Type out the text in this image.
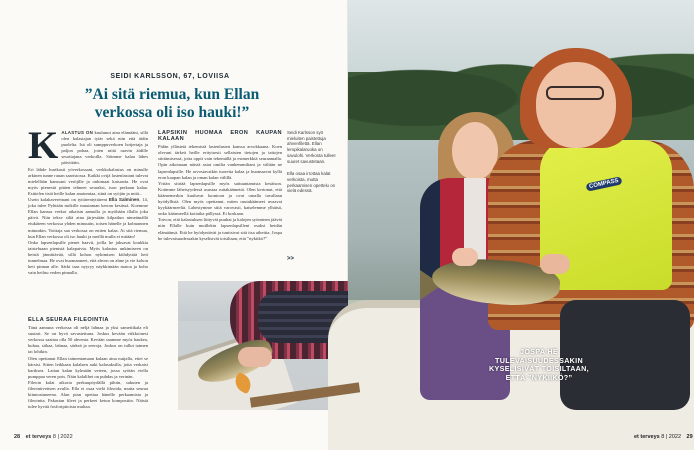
SEIDI KARLSSON, 67, LOVIISA
”Ai sitä riemua, kun Ellan verkossa oli iso hauki!”
K ALASTUS ON kuulunut aina elämääni, sillä olen kalastajan tytär sekä niin että äidin puolelta. Isä oli sumppuverkoen hoijertaja ja paljon pohaa, joten niitä raavin äidille sesottajana verkoilla. Söimme kalaa lähes päivittäin.

Eri lähde hurikasti yöverkossani, verkkokalastus on minulle arkinen tunne rauan saaristossa. Kaikki ovijä lastenlastani tulevat mielellään kanssani veröjille ja onkimaat katsastta. He ovat myös pienestä pitäen tehneet seuraksi, ison perkaan kalaa. Esittelen itsiä heille kalan anatomiaa, siinä on syöjän ja mitä...

Usein kalakavereinani on tyttärentyttäreni Ella Salminen, 14, joka tulee Pyhtään mökille muutaman kerran kesässä. Koemme Ellan kanssa verkot aikaisin aamulla ja myöhään illalla joka päivä. Niin teksv siltä aina järjestään kilpailun nimeämällä etukäteen verkossa yhden minuutin, toisen hänelle ja kolmannen minunkin. Voittaja saa verkossa on eniten kalaa. Ai sitä riemua, kun Ellan verkossa oli iso hauki ja meillä mulla ei mitään!

Onko lapsenlapsille pienet haavit, joilla he jaksavat koukkia taisteluaan pienistä kalapatvta. Myös kalastus unkimiseen on heistä jännittävää, sillä kohon nykimisen kiihdyttää heti tunnelmaa. He ovat huomanneet, että ahven on ahne ja vie kohon heti pinnan alle. Särki taas nyyryy näykkimään matoa ja koho vain heiluu veden pinnalla.

ELLA SEURAA FILEOINTIA

Tänä aamuna verkossa oli neljä lahnaa ja yksi samettikala eli suutari. Se on hyvä savustettuna. Joskus kevään viikkoinesi verkossa saattaa olla 50 ahventa. Kevään saamme myös haukea, kuhaa, siikaa, lahnaa, särkeä ja seeroja. Joskus on tullut taimen tai lohikin.

Olen opettanut Ellan taimentamaan kalaan aina nuijalla, ettei se kärsisi. Sitten leikkaan kalalaen auki kalasaksilla, jotta verkaisi kariksea. Laitan kalan kylmään veteen, jossa syötän viella pumppaa veren pois. Näin kalalihet on puhdas ja verinän.

Fileoin kalat aikoria perkuupöydällä pihiin, sakuten ja fileointiveitsen avulla. Ella ei osaa vielä fileoida, mutta seuraa kiinnostuneena. Alan pian opettaa hänelle perkaamista ja fileointia. Pakastan fileet ja perkeet ketun kompostiin. Näistä tulee hyvää fosforipitoista multaa.

LAPSIKIN HUOMAA ERON KAUPAN KALAAN

Pidän yllästetä tekemistä lastenlasten kanssa arvokkaana. Koen olevani tärkeä heille erityisesti sellaisten tietojen ja taitojen siirtämisessä, jotta oppii vain tekemällä ja esimerkkiä seuraamalla. Opin aikoinaan näistä asiat omilta vanhemmiltani ja välitän ne lapsenlapsille. He arvostavatkin tuoretta kalaa ja huomaavat kyllä eron kaupan kalan ja oman kalan välillä.

Yritän siirtää lapsenlapsille myös saituuntamista kesäison. Kotimme läheisyydessä asustaa ruttakäämettä. Olen kertonut, että käämemerkin kuuluvat luontoon ja ovat omalla tavallaan hyödyllisiä. Olen myös opettanut, miten ruutakäämeet uvaavat kyykäärmeeltä. Lahestymme siitä varovasti, katselemme ylhäisä, onko käärmeellä kotiaika pällyssä. Ei koskaan.

Toivon, että kalastuksen liittyvät puuhat ja kalojen syöminen jäävät niin Ellalle kuin muillekin lapsenlapsilleni osaksi heidän elämäänsä. Että he hyödyntävät ja tuntisivat sitä itsa aiheitta. Jospa he tulevaisuudessakin kyselisivät toisiltaan, että ”nykiikö?”

Seidi Karlsson syö mieluiten paistettuja ahvenfilettä. Ellan lempikalaruoka on savulohi. Verkosta tulleet suuret savustetaan.

Ella osaa irrottaa kalat verkoista, mutta perkaamisen opettelu on vielä edessä.

>>
28 et terveys 8 | 2022
COMPASS
JOSPA HE TULEVAISUUDESSAKIN KYSELISIVÄT TOISILTAAN, ETTÄ ”NYKIIKÖ?”
et terveys 8 | 2022 29
